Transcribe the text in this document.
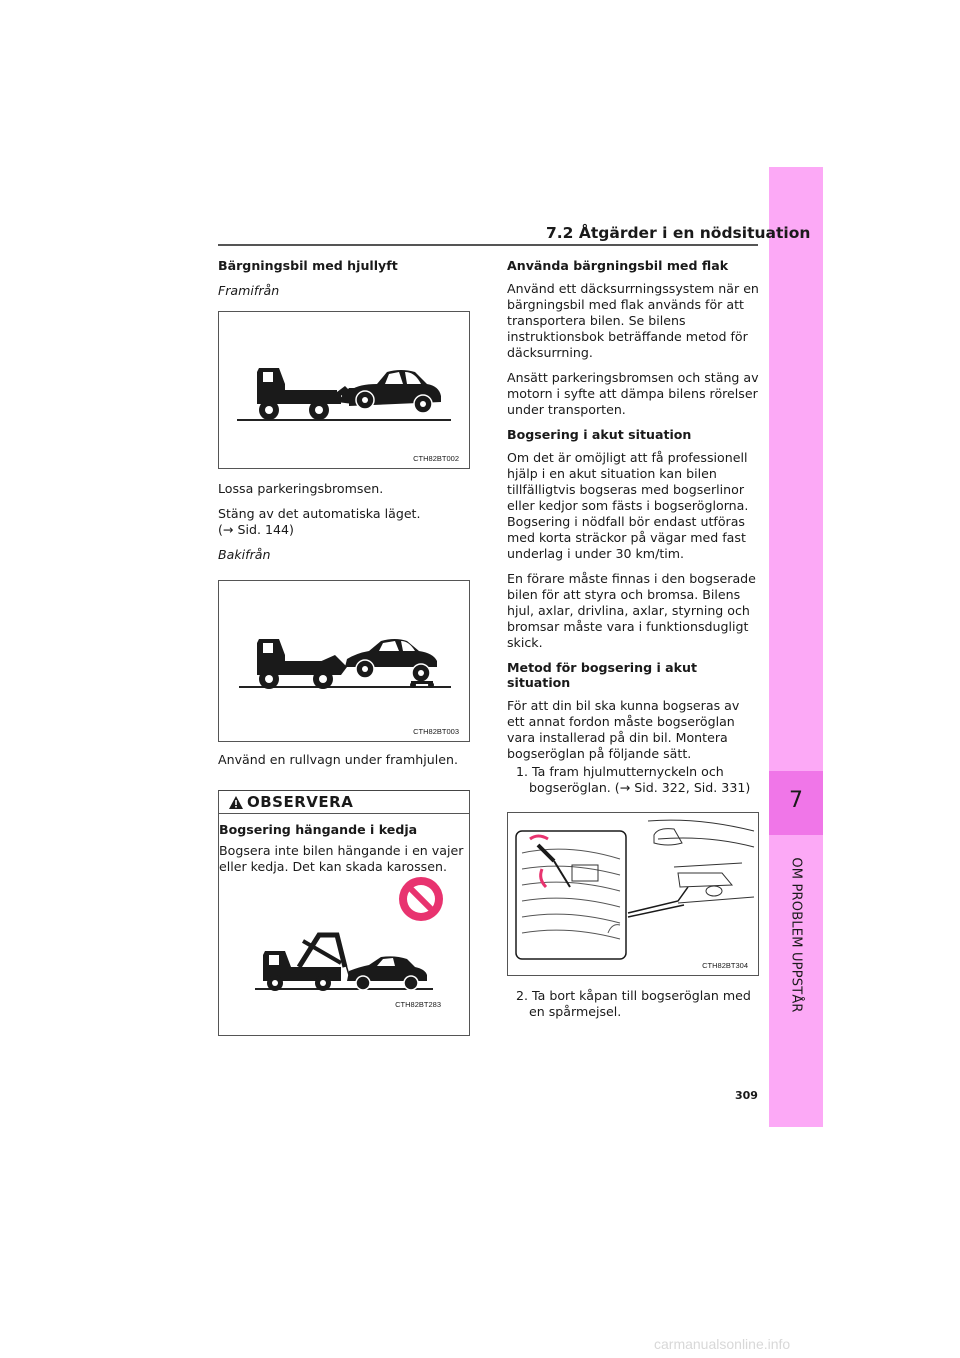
7
OM PROBLEM UPPSTÅR
7.2 Åtgärder i en nödsituation
Bärgningsbil med hjullyft
Framifrån
CTH82BT002

Lossa parkeringsbromsen.

Stäng av det automatiska läget.

(→ Sid. 144)

Bakifrån
CTH82BT003

Använd en rullvagn under framhjulen.

OBSERVERA
Bogsering hängande i kedja

Bogsera inte bilen hängande i en vajer eller kedja. Det kan skada karossen.

CTH82BT283
Använda bärgningsbil med flak

Använd ett däcksurrningssystem när en bärgningsbil med flak används för att transportera bilen. Se bilens instruktionsbok beträffande metod för däcksurrning.

Ansätt parkeringsbromsen och stäng av motorn i syfte att dämpa bilens rörelser under transporten.

Bogsering i akut situation

Om det är omöjligt att få professionell hjälp i en akut situation kan bilen tillfälligtvis bogseras med bogserlinor eller kedjor som fästs i bogseröglorna. Bogsering i nödfall bör endast utföras med korta sträckor på vägar med fast underlag i under 30 km/tim.

En förare måste finnas i den bogserade bilen för att styra och bromsa. Bilens hjul, axlar, drivlina, axlar, styrning och bromsar måste vara i funktionsdugligt skick.

Metod för bogsering i akut situation

För att din bil ska kunna bogseras av ett annat fordon måste bogseröglan vara installerad på din bil. Montera bogseröglan på följande sätt.

1. Ta fram hjulmutternyckeln och bogseröglan. (→ Sid. 322, Sid. 331)

CTH82BT304

2. Ta bort kåpan till bogseröglan med en spårmejsel.

309
carmanualsonline.info
